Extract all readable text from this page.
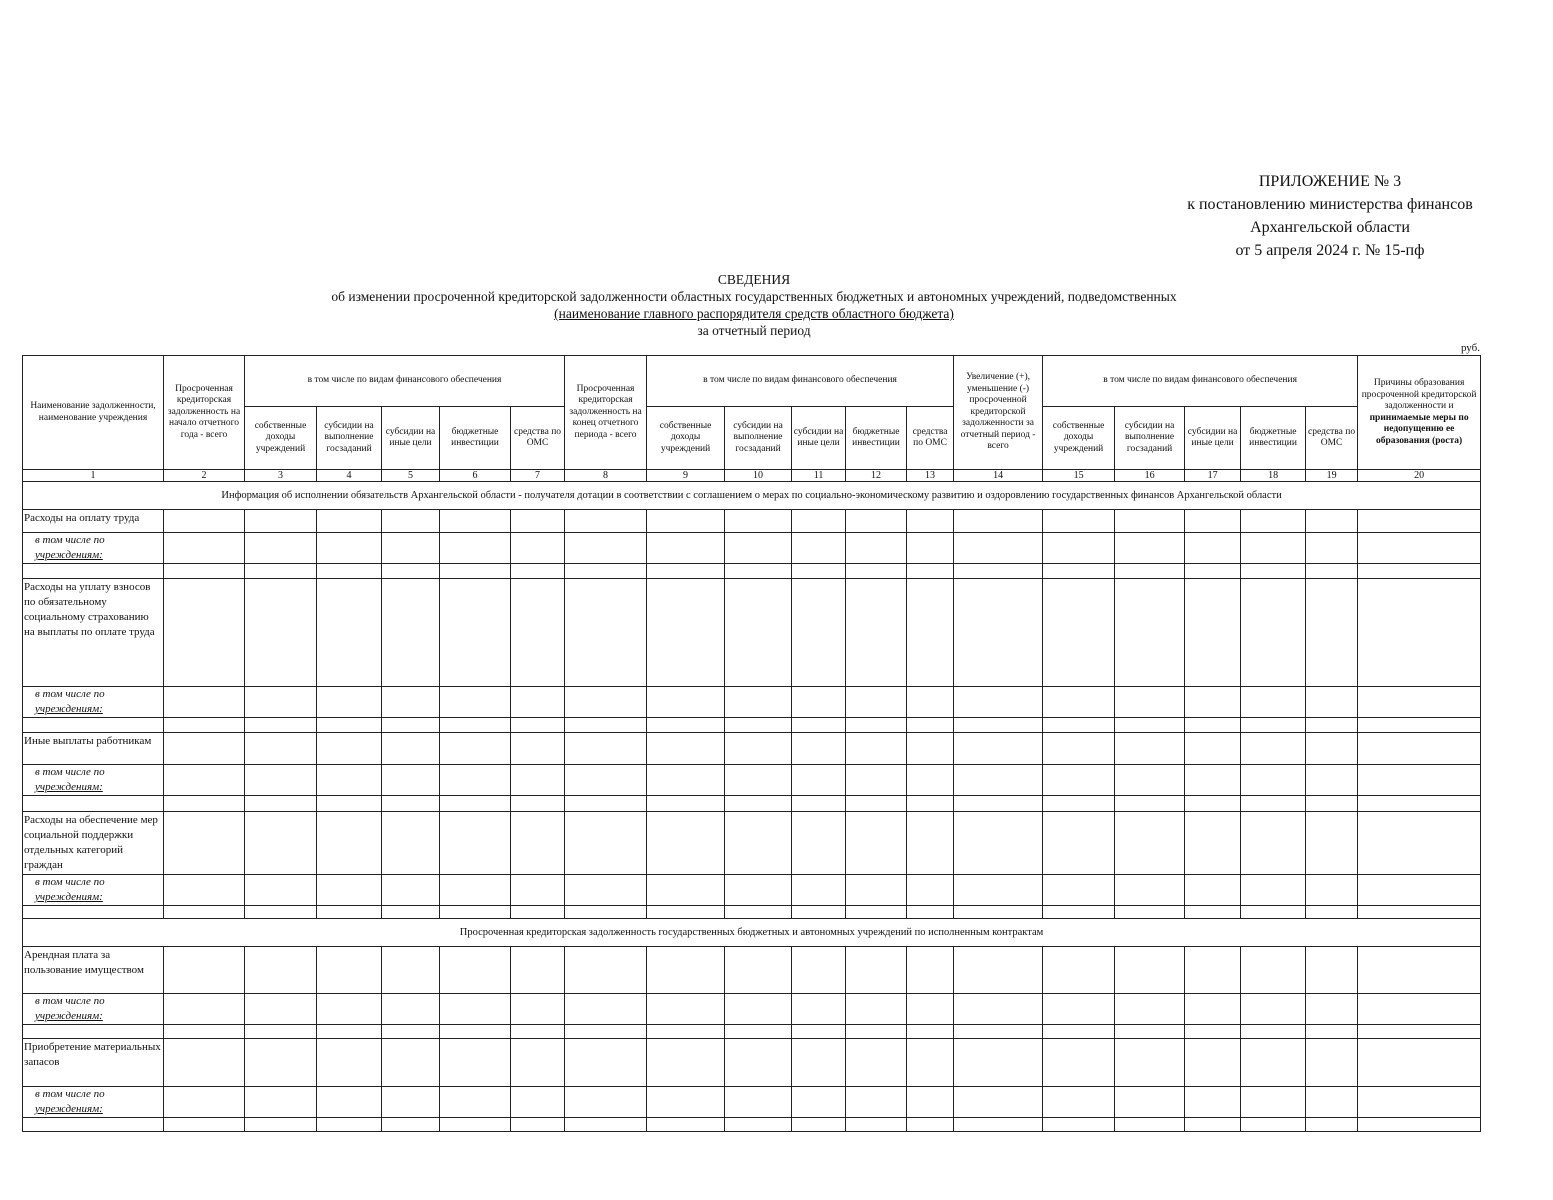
ПРИЛОЖЕНИЕ № 3
к постановлению министерства финансов
Архангельской области
от 5 апреля 2024 г. № 15-пф
СВЕДЕНИЯ
об изменении просроченной кредиторской задолженности областных государственных бюджетных и автономных учреждений, подведомственных
(наименование главного распорядителя средств областного бюджета)
за отчетный период
руб.
Наименование задолженности, наименование учреждения	Просроченная кредиторская задолженность на начало отчетного года - всего	в том числе по видам финансового обеспечения					Просроченная кредиторская задолженность на конец отчетного периода - всего	в том числе по видам финансового обеспечения					Увеличение (+), уменьшение (-) просроченной кредиторской задолженности за отчетный период - всего	в том числе по видам финансового обеспечения					Причины образования просроченной кредиторской задолженности и принимаемые меры по недопущению ее образования (роста)
		собственные доходы учреждений	субсидии на выполнение госзаданий	субсидии на иные цели	бюджетные инвестиции	средства по ОМС		собственные доходы учреждений	субсидии на выполнение госзаданий	субсидии на иные цели	бюджетные инвестиции	средства по ОМС		собственные доходы учреждений	субсидии на выполнение госзаданий	субсидии на иные цели	бюджетные инвестиции	средства по ОМС	
1	2	3	4	5	6	7	8	9	10	11	12	13	14	15	16	17	18	19	20
Информация об исполнении обязательств Архангельской области - получателя дотации в соответствии с соглашением о мерах по социально-экономическому развитию и оздоровлению государственных финансов Архангельской области																			
Расходы на оплату труда																			

в том числе по
учреждениям:																			

Расходы на уплату взносов по обязательному социальному страхованию на выплаты по оплате труда																			

в том числе по
учреждениям:																			

Иные выплаты работникам																			

в том числе по
учреждениям:																			

Расходы на обеспечение мер социальной поддержки отдельных категорий граждан																			

в том числе по
учреждениям:																			

Просроченная кредиторская задолженность государственных бюджетных и автономных учреждений по исполненным контрактам																			
Арендная плата за пользование имуществом																			

в том числе по
учреждениям:																			

Приобретение материальных запасов																			

в том числе по
учреждениям:																			
